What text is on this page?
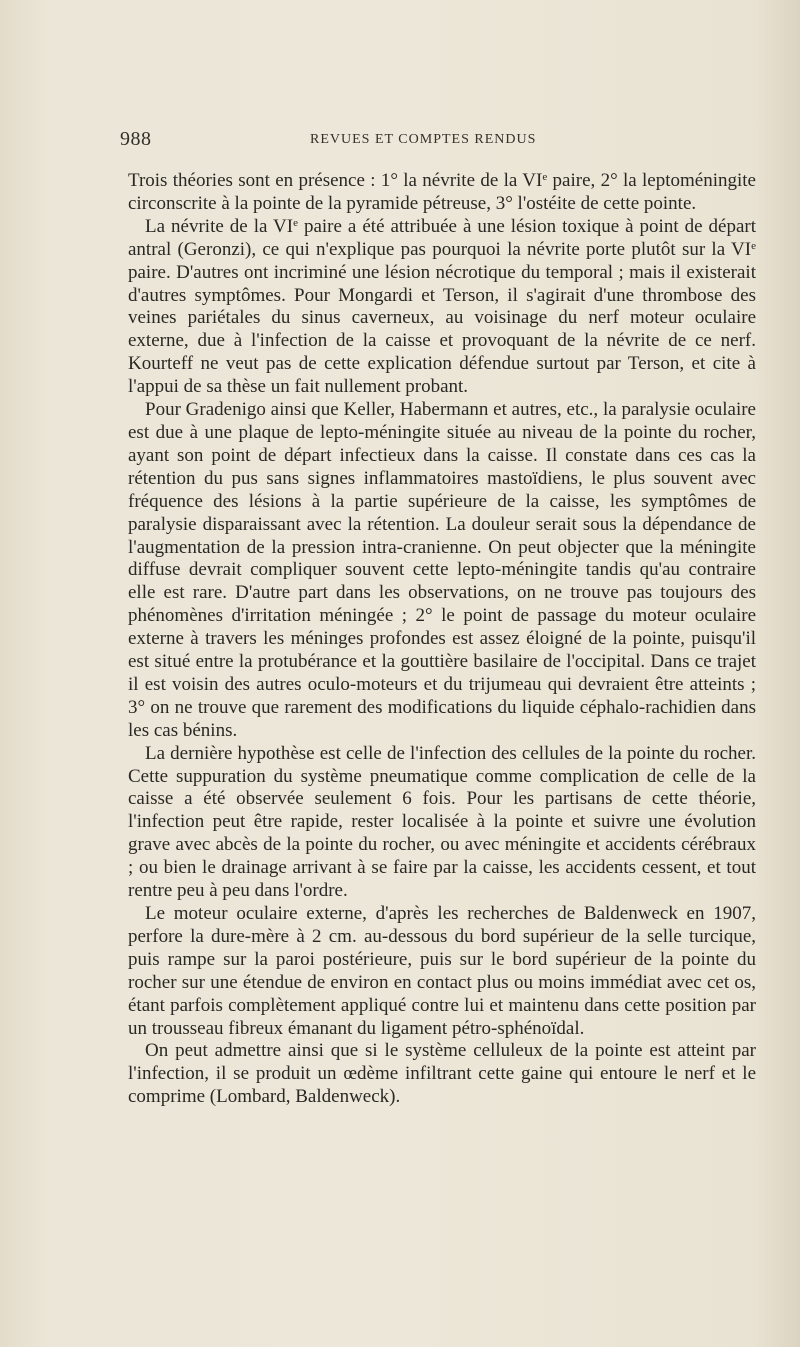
988	REVUES ET COMPTES RENDUS

Trois théories sont en présence : 1° la névrite de la VIe paire, 2° la leptoméningite circonscrite à la pointe de la pyramide pétreuse, 3° l'ostéite de cette pointe.

La névrite de la VIe paire a été attribuée à une lésion toxique à point de départ antral (Geronzi), ce qui n'explique pas pourquoi la névrite porte plutôt sur la VIe paire. D'autres ont incriminé une lésion nécrotique du temporal ; mais il existerait d'autres symptômes. Pour Mongardi et Terson, il s'agirait d'une thrombose des veines pariétales du sinus caverneux, au voisinage du nerf moteur oculaire externe, due à l'infection de la caisse et provoquant de la névrite de ce nerf. Kourteff ne veut pas de cette explication défendue surtout par Terson, et cite à l'appui de sa thèse un fait nullement probant.

Pour Gradenigo ainsi que Keller, Habermann et autres, etc., la paralysie oculaire est due à une plaque de lepto-méningite située au niveau de la pointe du rocher, ayant son point de départ infectieux dans la caisse. Il constate dans ces cas la rétention du pus sans signes inflammatoires mastoïdiens, le plus souvent avec fréquence des lésions à la partie supérieure de la caisse, les symptômes de paralysie disparaissant avec la rétention. La douleur serait sous la dépendance de l'augmentation de la pression intra-cranienne. On peut objecter que la méningite diffuse devrait compliquer souvent cette lepto-méningite tandis qu'au contraire elle est rare. D'autre part dans les observations, on ne trouve pas toujours des phénomènes d'irritation méningée ; 2° le point de passage du moteur oculaire externe à travers les méninges profondes est assez éloigné de la pointe, puisqu'il est situé entre la protubérance et la gouttière basilaire de l'occipital. Dans ce trajet il est voisin des autres oculo-moteurs et du trijumeau qui devraient être atteints ; 3° on ne trouve que rarement des modifications du liquide céphalo-rachidien dans les cas bénins.

La dernière hypothèse est celle de l'infection des cellules de la pointe du rocher. Cette suppuration du système pneumatique comme complication de celle de la caisse a été observée seulement 6 fois. Pour les partisans de cette théorie, l'infection peut être rapide, rester localisée à la pointe et suivre une évolution grave avec abcès de la pointe du rocher, ou avec méningite et accidents cérébraux ; ou bien le drainage arrivant à se faire par la caisse, les accidents cessent, et tout rentre peu à peu dans l'ordre.

Le moteur oculaire externe, d'après les recherches de Baldenweck en 1907, perfore la dure-mère à 2 cm. au-dessous du bord supérieur de la selle turcique, puis rampe sur la paroi postérieure, puis sur le bord supérieur de la pointe du rocher sur une étendue de environ en contact plus ou moins immédiat avec cet os, étant parfois complètement appliqué contre lui et maintenu dans cette position par un trousseau fibreux émanant du ligament pétro-sphénoïdal.

On peut admettre ainsi que si le système celluleux de la pointe est atteint par l'infection, il se produit un œdème infiltrant cette gaine qui entoure le nerf et le comprime (Lombard, Baldenweck).
